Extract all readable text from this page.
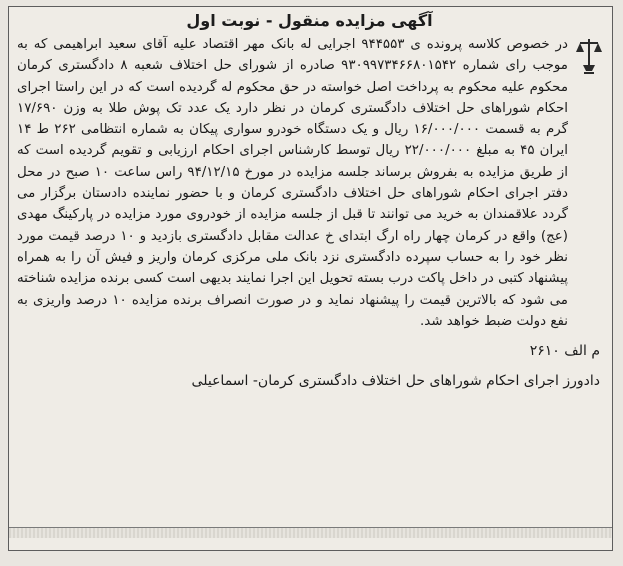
آگهی مزایده منقول - نوبت اول

در خصوص کلاسه پرونده ی ۹۴۴۵۵۳ اجرایی له بانک مهر اقتصاد علیه آقای سعید ابراهیمی که به موجب رای شماره ۹۳۰۹۹۷۳۴۶۶۸۰۱۵۴۲ صادره از شورای حل اختلاف شعبه ۸ دادگستری کرمان محکوم علیه محکوم به پرداخت اصل خواسته در حق محکوم له گردیده است که در این راستا اجرای احکام شوراهای حل اختلاف دادگستری کرمان در نظر دارد یک عدد تک پوش طلا به وزن ۱۷/۶۹۰ گرم به قسمت ۱۶/۰۰۰/۰۰۰ ریال و یک دستگاه خودرو سواری پیکان به شماره انتظامی ۲۶۲ ط ۱۴ ایران ۴۵ به مبلغ ۲۲/۰۰۰/۰۰۰ ریال توسط کارشناس اجرای احکام ارزیابی و تقویم گردیده است که از طریق مزایده به بفروش برساند جلسه مزایده در مورخ ۹۴/۱۲/۱۵ راس ساعت ۱۰ صبح در محل دفتر اجرای احکام شوراهای حل اختلاف دادگستری کرمان و با حضور نماینده دادستان برگزار می گردد علاقمندان به خرید می توانند تا قبل از جلسه مزایده از خودروی مورد مزایده در پارکینگ مهدی (عج) واقع در کرمان چهار راه ارگ ابتدای خ عدالت مقابل دادگستری بازدید و ۱۰ درصد قیمت مورد نظر خود را به حساب سپرده دادگستری نزد بانک ملی مرکزی کرمان واریز و فیش آن را به همراه پیشنهاد کتبی در داخل پاکت درب بسته تحویل این اجرا نمایند بدیهی است کسی برنده مزایده شناخته می شود که بالاترین قیمت را پیشنهاد نماید و در صورت انصراف برنده مزایده ۱۰ درصد واریزی به نفع دولت ضبط خواهد شد.

م الف ۲۶۱۰
دادورز اجرای احکام شوراهای حل اختلاف دادگستری کرمان- اسماعیلی
